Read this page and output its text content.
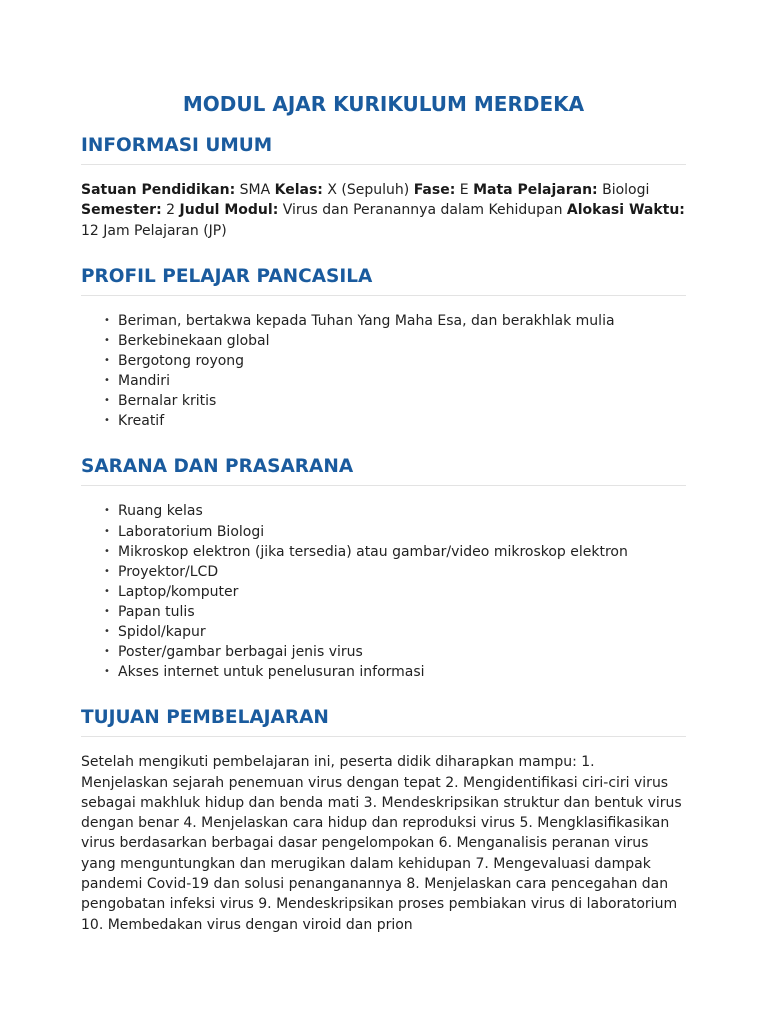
MODUL AJAR KURIKULUM MERDEKA
INFORMASI UMUM

Satuan Pendidikan: SMA Kelas: X (Sepuluh) Fase: E Mata Pelajaran: Biologi Semester: 2 Judul Modul: Virus dan Peranannya dalam Kehidupan Alokasi Waktu: 12 Jam Pelajaran (JP)

PROFIL PELAJAR PANCASILA
• Beriman, bertakwa kepada Tuhan Yang Maha Esa, dan berakhlak mulia
• Berkebinekaan global
• Bergotong royong
• Mandiri
• Bernalar kritis
• Kreatif
SARANA DAN PRASARANA
• Ruang kelas
• Laboratorium Biologi
• Mikroskop elektron (jika tersedia) atau gambar/video mikroskop elektron
• Proyektor/LCD
• Laptop/komputer
• Papan tulis
• Spidol/kapur
• Poster/gambar berbagai jenis virus
• Akses internet untuk penelusuran informasi
TUJUAN PEMBELAJARAN

Setelah mengikuti pembelajaran ini, peserta didik diharapkan mampu: 1. Menjelaskan sejarah penemuan virus dengan tepat 2. Mengidentifikasi ciri-ciri virus sebagai makhluk hidup dan benda mati 3. Mendeskripsikan struktur dan bentuk virus dengan benar 4. Menjelaskan cara hidup dan reproduksi virus 5. Mengklasifikasikan virus berdasarkan berbagai dasar pengelompokan 6. Menganalisis peranan virus yang menguntungkan dan merugikan dalam kehidupan 7. Mengevaluasi dampak pandemi Covid-19 dan solusi penanganannya 8. Menjelaskan cara pencegahan dan pengobatan infeksi virus 9. Mendeskripsikan proses pembiakan virus di laboratorium 10. Membedakan virus dengan viroid dan prion
